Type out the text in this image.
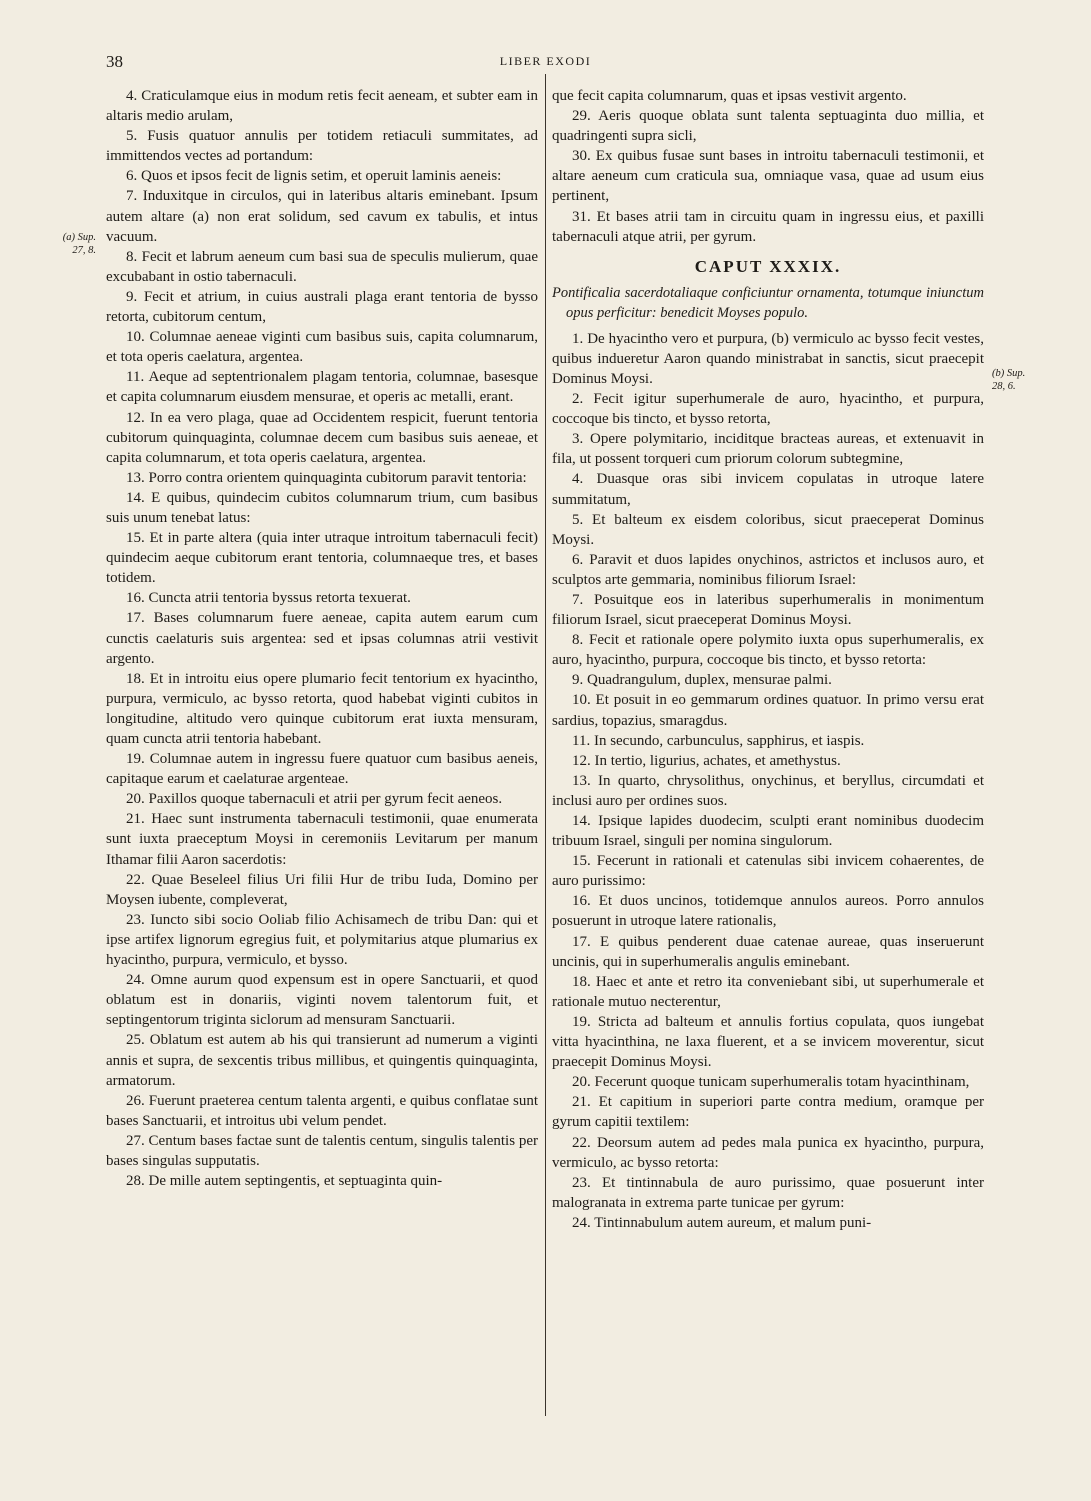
38	LIBER EXODI

4. Craticulamque eius in modum retis fecit aeneam, et subter eam in altaris medio arulam,

5. Fusis quatuor annulis per totidem retiaculi summitates, ad immittendos vectes ad portandum:

6. Quos et ipsos fecit de lignis setim, et operuit laminis aeneis:

7. Induxitque in circulos, qui in lateribus altaris eminebant. Ipsum autem altare (a) non erat solidum, sed cavum ex tabulis, et intus vacuum.

8. Fecit et labrum aeneum cum basi sua de speculis mulierum, quae excubabant in ostio tabernaculi.

9. Fecit et atrium, in cuius australi plaga erant tentoria de bysso retorta, cubitorum centum,

10. Columnae aeneae viginti cum basibus suis, capita columnarum, et tota operis caelatura, argentea.

11. Aeque ad septentrionalem plagam tentoria, columnae, basesque et capita columnarum eiusdem mensurae, et operis ac metalli, erant.

12. In ea vero plaga, quae ad Occidentem respicit, fuerunt tentoria cubitorum quinquaginta, columnae decem cum basibus suis aeneae, et capita columnarum, et tota operis caelatura, argentea.

13. Porro contra orientem quinquaginta cubitorum paravit tentoria:

14. E quibus, quindecim cubitos columnarum trium, cum basibus suis unum tenebat latus:

15. Et in parte altera (quia inter utraque introitum tabernaculi fecit) quindecim aeque cubitorum erant tentoria, columnaeque tres, et bases totidem.

16. Cuncta atrii tentoria byssus retorta texuerat.

17. Bases columnarum fuere aeneae, capita autem earum cum cunctis caelaturis suis argentea: sed et ipsas columnas atrii vestivit argento.

18. Et in introitu eius opere plumario fecit tentorium ex hyacintho, purpura, vermiculo, ac bysso retorta, quod habebat viginti cubitos in longitudine, altitudo vero quinque cubitorum erat iuxta mensuram, quam cuncta atrii tentoria habebant.

19. Columnae autem in ingressu fuere quatuor cum basibus aeneis, capitaque earum et caelaturae argenteae.

20. Paxillos quoque tabernaculi et atrii per gyrum fecit aeneos.

21. Haec sunt instrumenta tabernaculi testimonii, quae enumerata sunt iuxta praeceptum Moysi in ceremoniis Levitarum per manum Ithamar filii Aaron sacerdotis:

22. Quae Beseleel filius Uri filii Hur de tribu Iuda, Domino per Moysen iubente, compleverat,

23. Iuncto sibi socio Ooliab filio Achisamech de tribu Dan: qui et ipse artifex lignorum egregius fuit, et polymitarius atque plumarius ex hyacintho, purpura, vermiculo, et bysso.

24. Omne aurum quod expensum est in opere Sanctuarii, et quod oblatum est in donariis, viginti novem talentorum fuit, et septingentorum triginta siclorum ad mensuram Sanctuarii.

25. Oblatum est autem ab his qui transierunt ad numerum a viginti annis et supra, de sexcentis tribus millibus, et quingentis quinquaginta, armatorum.

26. Fuerunt praeterea centum talenta argenti, e quibus conflatae sunt bases Sanctuarii, et introitus ubi velum pendet.

27. Centum bases factae sunt de talentis centum, singulis talentis per bases singulas supputatis.

28. De mille autem septingentis, et septuaginta quin-

que fecit capita columnarum, quas et ipsas vestivit argento.

29. Aeris quoque oblata sunt talenta septuaginta duo millia, et quadringenti supra sicli,

30. Ex quibus fusae sunt bases in introitu tabernaculi testimonii, et altare aeneum cum craticula sua, omniaque vasa, quae ad usum eius pertinent,

31. Et bases atrii tam in circuitu quam in ingressu eius, et paxilli tabernaculi atque atrii, per gyrum.

CAPUT XXXIX.

Pontificalia sacerdotaliaque conficiuntur ornamenta, totumque iniunctum opus perficitur: benedicit Moyses populo.

1. De hyacintho vero et purpura, (b) vermiculo ac bysso fecit vestes, quibus indueretur Aaron quando ministrabat in sanctis, sicut praecepit Dominus Moysi.

2. Fecit igitur superhumerale de auro, hyacintho, et purpura, coccoque bis tincto, et bysso retorta,

3. Opere polymitario, inciditque bracteas aureas, et extenuavit in fila, ut possent torqueri cum priorum colorum subtegmine,

4. Duasque oras sibi invicem copulatas in utroque latere summitatum,

5. Et balteum ex eisdem coloribus, sicut praeceperat Dominus Moysi.

6. Paravit et duos lapides onychinos, astrictos et inclusos auro, et sculptos arte gemmaria, nominibus filiorum Israel:

7. Posuitque eos in lateribus superhumeralis in monimentum filiorum Israel, sicut praeceperat Dominus Moysi.

8. Fecit et rationale opere polymito iuxta opus superhumeralis, ex auro, hyacintho, purpura, coccoque bis tincto, et bysso retorta:

9. Quadrangulum, duplex, mensurae palmi.

10. Et posuit in eo gemmarum ordines quatuor. In primo versu erat sardius, topazius, smaragdus.

11. In secundo, carbunculus, sapphirus, et iaspis.

12. In tertio, ligurius, achates, et amethystus.

13. In quarto, chrysolithus, onychinus, et beryllus, circumdati et inclusi auro per ordines suos.

14. Ipsique lapides duodecim, sculpti erant nominibus duodecim tribuum Israel, singuli per nomina singulorum.

15. Fecerunt in rationali et catenulas sibi invicem cohaerentes, de auro purissimo:

16. Et duos uncinos, totidemque annulos aureos. Porro annulos posuerunt in utroque latere rationalis,

17. E quibus penderent duae catenae aureae, quas inseruerunt uncinis, qui in superhumeralis angulis eminebant.

18. Haec et ante et retro ita conveniebant sibi, ut superhumerale et rationale mutuo necterentur,

19. Stricta ad balteum et annulis fortius copulata, quos iungebat vitta hyacinthina, ne laxa fluerent, et a se invicem moverentur, sicut praecepit Dominus Moysi.

20. Fecerunt quoque tunicam superhumeralis totam hyacinthinam,

21. Et capitium in superiori parte contra medium, oramque per gyrum capitii textilem:

22. Deorsum autem ad pedes mala punica ex hyacintho, purpura, vermiculo, ac bysso retorta:

23. Et tintinnabula de auro purissimo, quae posuerunt inter malogranata in extrema parte tunicae per gyrum:

24. Tintinnabulum autem aureum, et malum puni-

(a) Sup.
27, 8.
(b) Sup.
28, 6.
